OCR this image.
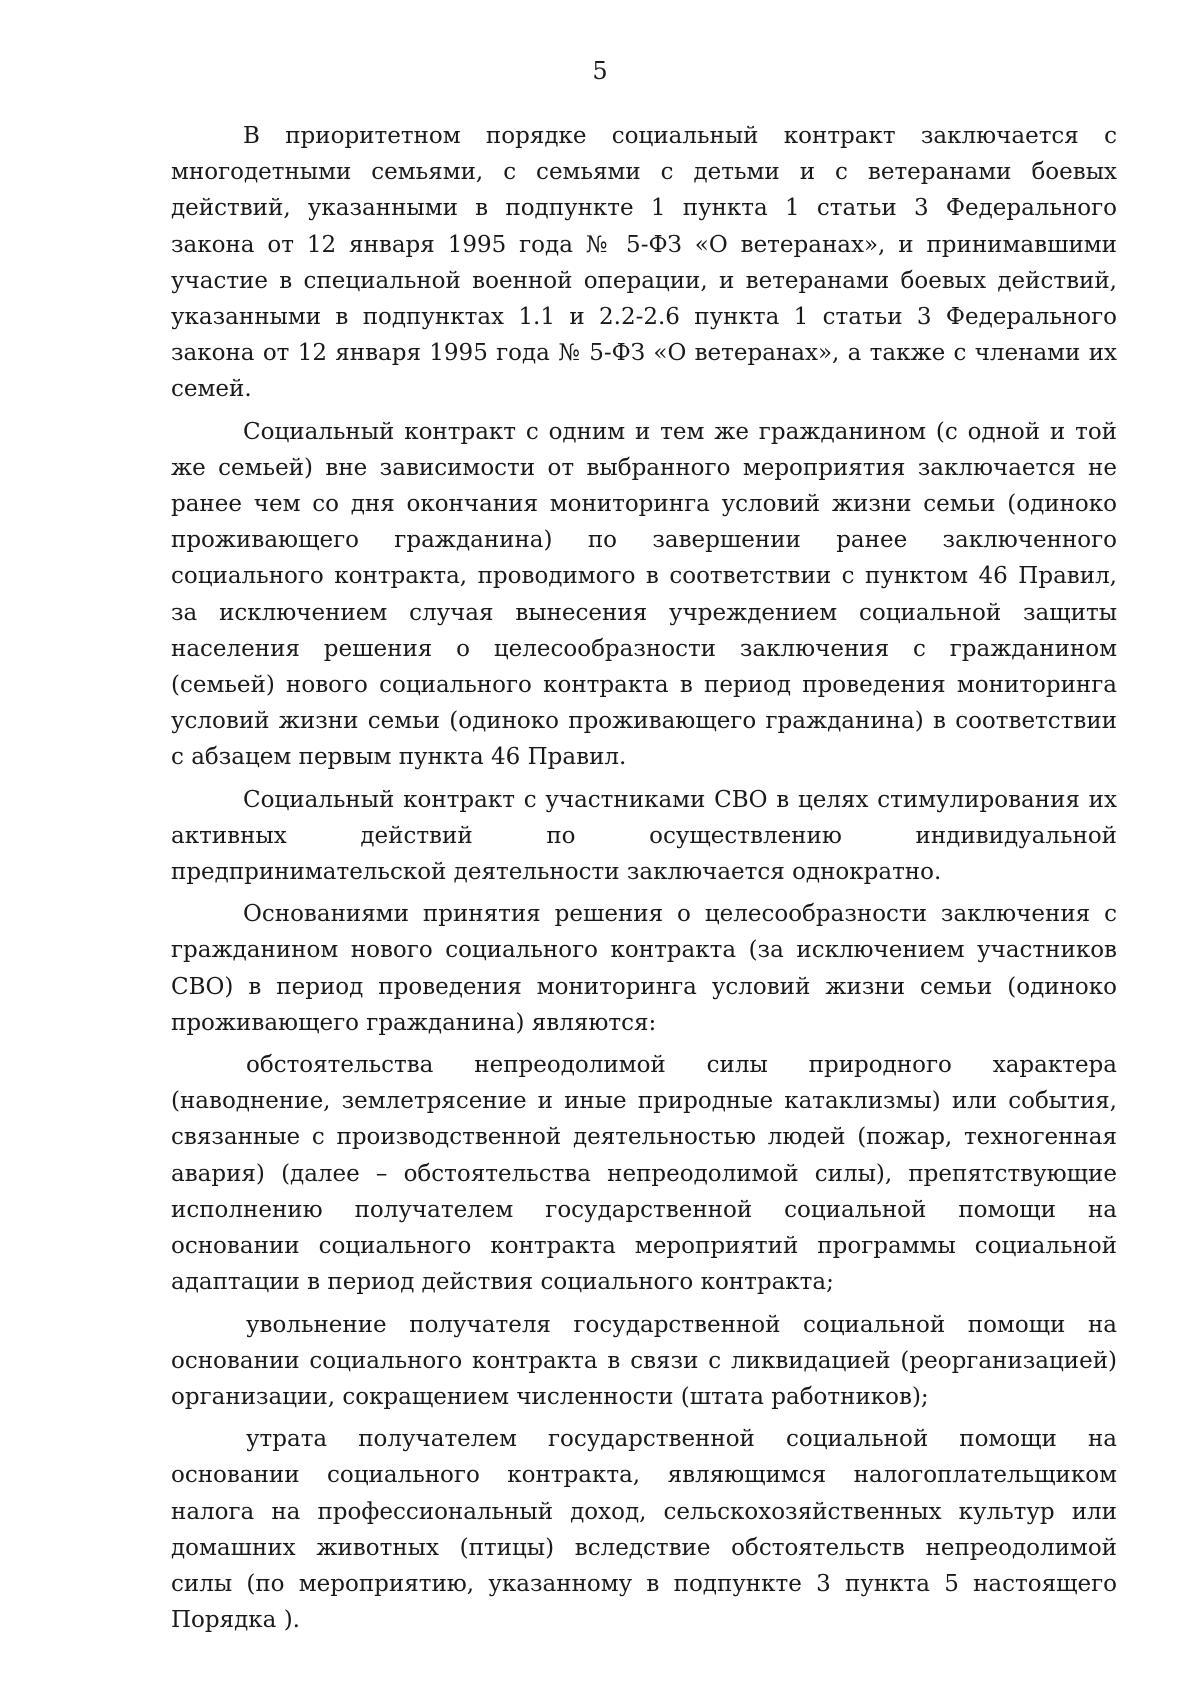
5

В приоритетном порядке социальный контракт заключается с многодетными семьями, с семьями с детьми и с ветеранами боевых действий, указанными в подпункте 1 пункта 1 статьи 3 Федерального закона от 12 января 1995 года № 5-ФЗ «О ветеранах», и принимавшими участие в специальной военной операции, и ветеранами боевых действий, указанными в подпунктах 1.1 и 2.2-2.6 пункта 1 статьи 3 Федерального закона от 12 января 1995 года № 5-ФЗ «О ветеранах», а также с членами их семей.

Социальный контракт с одним и тем же гражданином (с одной и той же семьей) вне зависимости от выбранного мероприятия заключается не ранее чем со дня окончания мониторинга условий жизни семьи (одиноко проживающего гражданина) по завершении ранее заключенного социального контракта, проводимого в соответствии с пунктом 46 Правил, за исключением случая вынесения учреждением социальной защиты населения решения о целесообразности заключения с гражданином (семьей) нового социального контракта в период проведения мониторинга условий жизни семьи (одиноко проживающего гражданина) в соответствии с абзацем первым пункта 46 Правил.

Социальный контракт с участниками СВО в целях стимулирования их активных действий по осуществлению индивидуальной предпринимательской деятельности заключается однократно.

Основаниями принятия решения о целесообразности заключения с гражданином нового социального контракта (за исключением участников СВО) в период проведения мониторинга условий жизни семьи (одиноко проживающего гражданина) являются:

обстоятельства непреодолимой силы природного характера (наводнение, землетрясение и иные природные катаклизмы) или события, связанные с производственной деятельностью людей (пожар, техногенная авария) (далее – обстоятельства непреодолимой силы), препятствующие исполнению получателем государственной социальной помощи на основании социального контракта мероприятий программы социальной адаптации в период действия социального контракта;

увольнение получателя государственной социальной помощи на основании социального контракта в связи с ликвидацией (реорганизацией) организации, сокращением численности (штата работников);

утрата получателем государственной социальной помощи на основании социального контракта, являющимся налогоплательщиком налога на профессиональный доход, сельскохозяйственных культур или домашних животных (птицы) вследствие обстоятельств непреодолимой силы (по мероприятию, указанному в подпункте 3 пункта 5 настоящего Порядка ).
